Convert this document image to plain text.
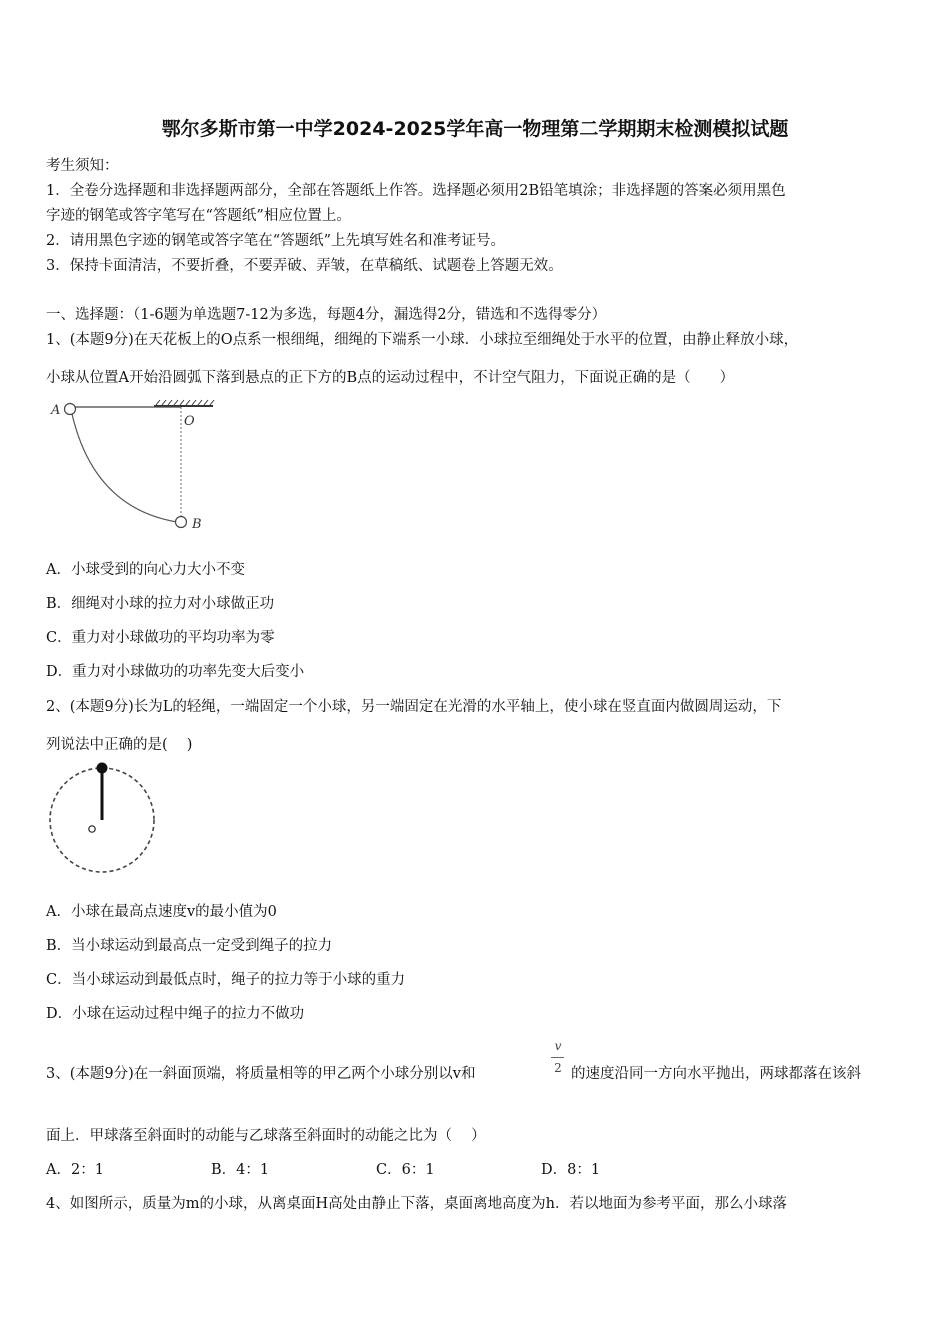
鄂尔多斯市第一中学2024-2025学年高一物理第二学期期末检测模拟试题
考生须知：
1．全卷分选择题和非选择题两部分，全部在答题纸上作答。选择题必须用2B铅笔填涂；非选择题的答案必须用黑色
字迹的钢笔或答字笔写在“答题纸”相应位置上。
2．请用黑色字迹的钢笔或答字笔在“答题纸”上先填写姓名和准考证号。
3．保持卡面清洁，不要折叠，不要弄破、弄皱，在草稿纸、试题卷上答题无效。
一、选择题：（1-6题为单选题7-12为多选，每题4分，漏选得2分，错选和不选得零分）
1、(本题9分)在天花板上的O点系一根细绳，细绳的下端系一小球．小球拉至细绳处于水平的位置，由静止释放小球，
小球从位置A开始沿圆弧下落到悬点的正下方的B点的运动过程中，不计空气阻力，下面说正确的是（　　）
A
O
B
A．小球受到的向心力大小不变
B．细绳对小球的拉力对小球做正功
C．重力对小球做功的平均功率为零
D．重力对小球做功的功率先变大后变小
2、(本题9分)长为L的轻绳，一端固定一个小球，另一端固定在光滑的水平轴上，使小球在竖直面内做圆周运动，下
列说法中正确的是(　 )
A．小球在最高点速度v的最小值为0
B．当小球运动到最高点一定受到绳子的拉力
C．当小球运动到最低点时，绳子的拉力等于小球的重力
D．小球在运动过程中绳子的拉力不做功
3、(本题9分)在一斜面顶端，将质量相等的甲乙两个小球分别以v和
v
2 的速度沿同一方向水平抛出，两球都落在该斜
面上．甲球落至斜面时的动能与乙球落至斜面时的动能之比为（　 ）
A．2：1	B．4：1	C．6：1	D．8：1
4、如图所示，质量为m的小球，从离桌面H高处由静止下落，桌面离地高度为h．若以地面为参考平面，那么小球落
